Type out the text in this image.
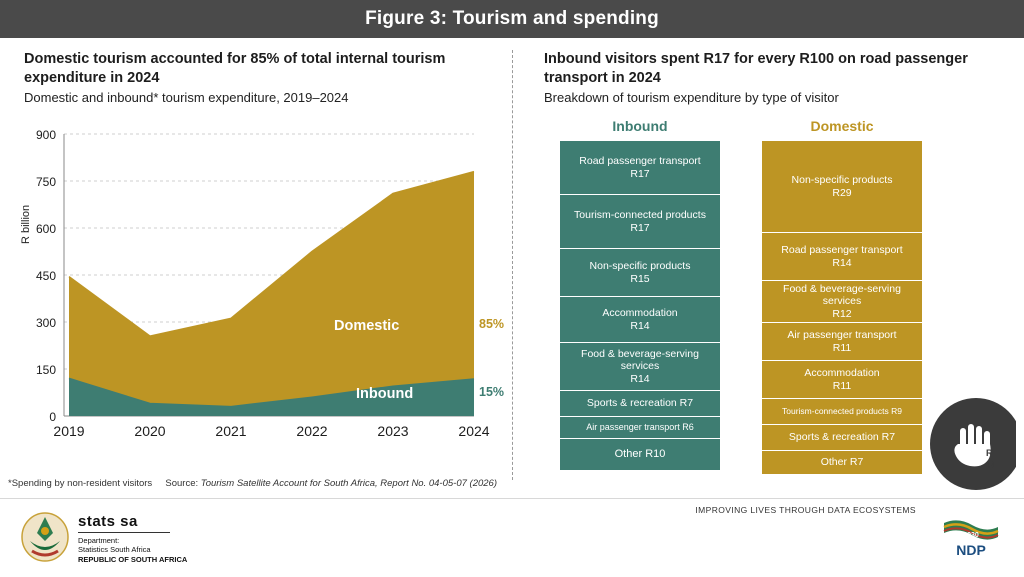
Figure 3: Tourism and spending

Domestic tourism accounted for 85% of total internal tourism expenditure in 2024

Domestic and inbound* tourism expenditure, 2019–2024

R billion
900
750
600
450
300
150
0
2019	2020	2021	2022	2023	2024
Domestic
Inbound
85%
15%
*Spending by non-resident visitors Source: Tourism Satellite Account for South Africa, Report No. 04-05-07 (2026)

Inbound visitors spent R17 for every R100 on road passenger transport in 2024

Breakdown of tourism expenditure by type of visitor

Inbound	Domestic
Road passenger transport
R17
Tourism-connected products
R17
Non-specific products
R15
Accommodation
R14
Food & beverage-serving services
R14
Sports & recreation R7
Air passenger transport R6
Other R10
Non-specific products
R29
Road passenger transport
R14
Food & beverage-serving services
R12
Air passenger transport
R11
Accommodation
R11
Tourism-connected products R9
Sports & recreation R7
Other R7
R
R
stats sa
Department:
Statistics South Africa
REPUBLIC OF SOUTH AFRICA
IMPROVING LIVES THROUGH DATA ECOSYSTEMS
2030
NDP
